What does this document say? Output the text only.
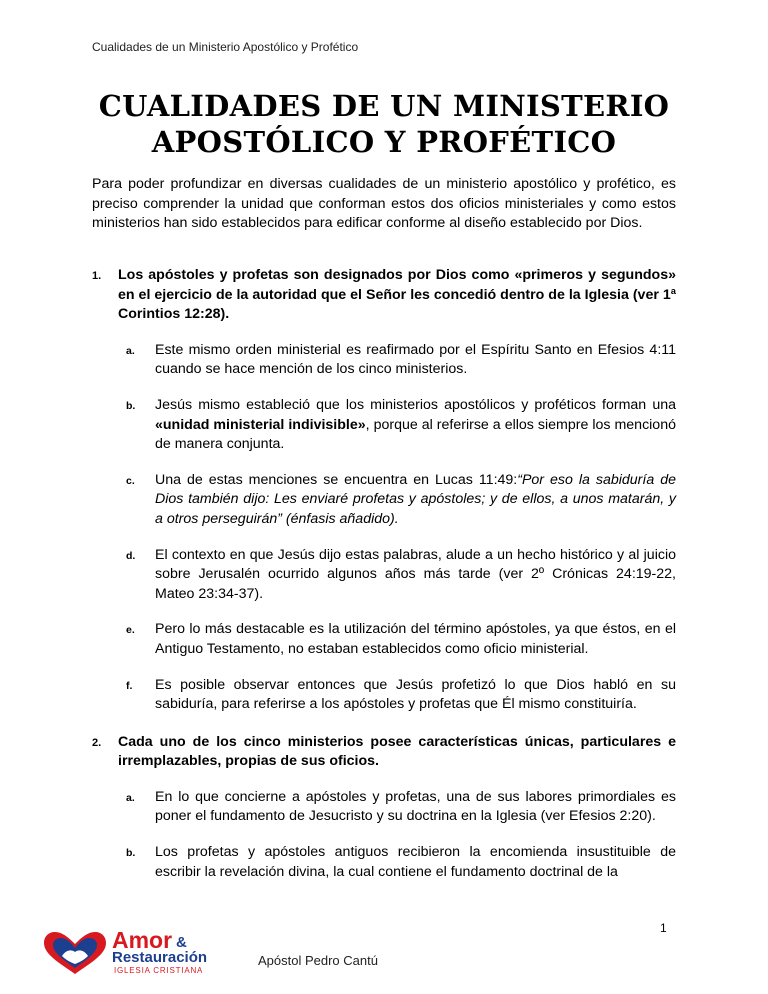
Cualidades de un Ministerio Apostólico y Profético
CUALIDADES DE UN MINISTERIO
APOSTÓLICO Y PROFÉTICO

Para poder profundizar en diversas cualidades de un ministerio apostólico y profético, es preciso comprender la unidad que conforman estos dos oficios ministeriales y como estos ministerios han sido establecidos para edificar conforme al diseño establecido por Dios.

1. Los apóstoles y profetas son designados por Dios como «primeros y segundos» en el ejercicio de la autoridad que el Señor les concedió dentro de la Iglesia (ver 1ª Corintios 12:28).
a. Este mismo orden ministerial es reafirmado por el Espíritu Santo en Efesios 4:11 cuando se hace mención de los cinco ministerios.
b. Jesús mismo estableció que los ministerios apostólicos y proféticos forman una «unidad ministerial indivisible», porque al referirse a ellos siempre los mencionó de manera conjunta.
c. Una de estas menciones se encuentra en Lucas 11:49:“Por eso la sabiduría de Dios también dijo: Les enviaré profetas y apóstoles; y de ellos, a unos matarán, y a otros perseguirán” (énfasis añadido).
d. El contexto en que Jesús dijo estas palabras, alude a un hecho histórico y al juicio sobre Jerusalén ocurrido algunos años más tarde (ver 2º Crónicas 24:19-22, Mateo 23:34-37).
e. Pero lo más destacable es la utilización del término apóstoles, ya que éstos, en el Antiguo Testamento, no estaban establecidos como oficio ministerial.
f. Es posible observar entonces que Jesús profetizó lo que Dios habló en su sabiduría, para referirse a los apóstoles y profetas que Él mismo constituiría.
2. Cada uno de los cinco ministerios posee características únicas, particulares e irremplazables, propias de sus oficios.
a. En lo que concierne a apóstoles y profetas, una de sus labores primordiales es poner el fundamento de Jesucristo y su doctrina en la Iglesia (ver Efesios 2:20).
b. Los profetas y apóstoles antiguos recibieron la encomienda insustituible de escribir la revelación divina, la cual contiene el fundamento doctrinal de la
1
Amor &
Restauración
IGLESIA CRISTIANA
Apóstol Pedro Cantú
